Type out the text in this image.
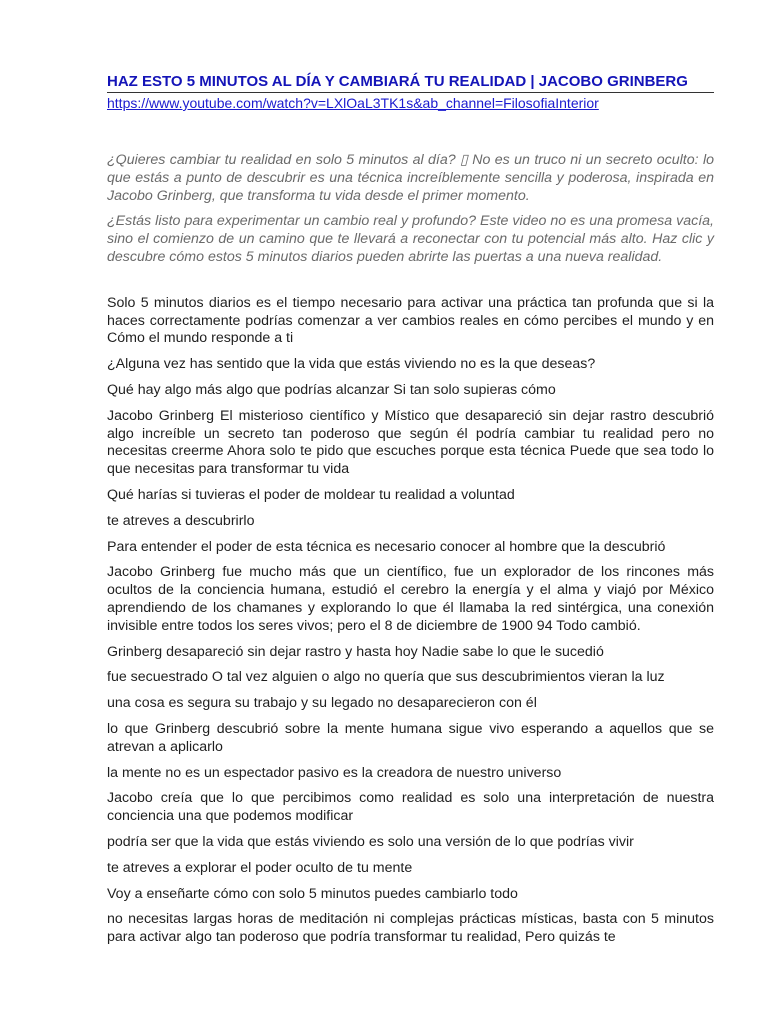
HAZ ESTO 5 MINUTOS AL DÍA Y CAMBIARÁ TU REALIDAD | JACOBO GRINBERG
https://www.youtube.com/watch?v=LXlOaL3TK1s&ab_channel=FilosofiaInterior

¿Quieres cambiar tu realidad en solo 5 minutos al día? ▯ No es un truco ni un secreto oculto: lo que estás a punto de descubrir es una técnica increíblemente sencilla y poderosa, inspirada en Jacobo Grinberg, que transforma tu vida desde el primer momento.

¿Estás listo para experimentar un cambio real y profundo? Este video no es una promesa vacía, sino el comienzo de un camino que te llevará a reconectar con tu potencial más alto. Haz clic y descubre cómo estos 5 minutos diarios pueden abrirte las puertas a una nueva realidad.

Solo 5 minutos diarios es el tiempo necesario para activar una práctica tan profunda que si la haces correctamente podrías comenzar a ver cambios reales en cómo percibes el mundo y en Cómo el mundo responde a ti

¿Alguna vez has sentido que la vida que estás viviendo no es la que deseas?

Qué hay algo más algo que podrías alcanzar Si tan solo supieras cómo

Jacobo Grinberg El misterioso científico y Místico que desapareció sin dejar rastro descubrió algo increíble un secreto tan poderoso que según él podría cambiar tu realidad pero no necesitas creerme Ahora solo te pido que escuches porque esta técnica Puede que sea todo lo que necesitas para transformar tu vida

Qué harías si tuvieras el poder de moldear tu realidad a voluntad

te atreves a descubrirlo

Para entender el poder de esta técnica es necesario conocer al hombre que la descubrió

Jacobo Grinberg fue mucho más que un científico, fue un explorador de los rincones más ocultos de la conciencia humana, estudió el cerebro la energía y el alma y viajó por México aprendiendo de los chamanes y explorando lo que él llamaba la red sintérgica, una conexión invisible entre todos los seres vivos; pero el 8 de diciembre de 1900 94 Todo cambió.

Grinberg desapareció sin dejar rastro y hasta hoy Nadie sabe lo que le sucedió

fue secuestrado O tal vez alguien o algo no quería que sus descubrimientos vieran la luz

una cosa es segura su trabajo y su legado no desaparecieron con él

lo que Grinberg descubrió sobre la mente humana sigue vivo esperando a aquellos que se atrevan a aplicarlo

la mente no es un espectador pasivo es la creadora de nuestro universo

Jacobo creía que lo que percibimos como realidad es solo una interpretación de nuestra conciencia una que podemos modificar

podría ser que la vida que estás viviendo es solo una versión de lo que podrías vivir

te atreves a explorar el poder oculto de tu mente

Voy a enseñarte cómo con solo 5 minutos puedes cambiarlo todo

no necesitas largas horas de meditación ni complejas prácticas místicas, basta con 5 minutos para activar algo tan poderoso que podría transformar tu realidad, Pero quizás te
